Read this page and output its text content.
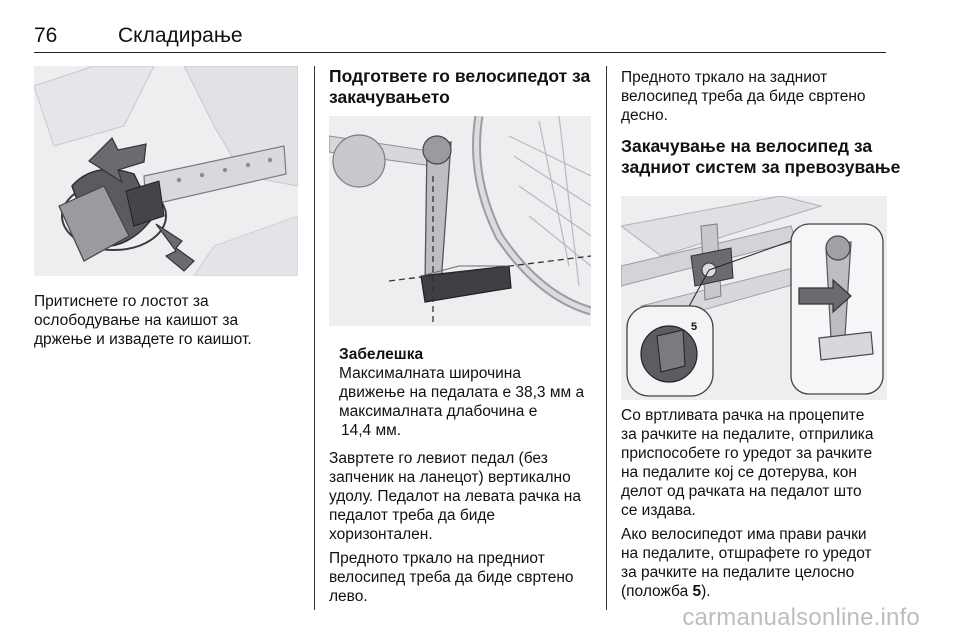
76	Складирање

Притиснете го лостот за

ослободување на каишот за

држење и извадете го каишот.

Подгответе го велосипедот за

закачувањето

Забелешка

Максималната широчина

движење на педалата е 38,3 мм а

максималната длабочина е

14,4 мм.

Завртете го левиот педал (без

запченик на ланецот) вертикално

удолу. Педалот на левата рачка на

педалот треба да биде

хоризонтален.

Предното тркало на предниот

велосипед треба да биде свртено

лево.

Предното тркало на задниот

велосипед треба да биде свртено

десно.

Закачување на велосипед за

задниот систем за превозување

5

Со вртливата рачка на процепите

за рачките на педалите, отприлика

приспособете го уредот за рачките

на педалите кој се дотерува, кон

делот од рачката на педалот што

се издава.

Ако велосипедот има прави рачки

на педалите, отшрафете го уредот

за рачките на педалите целосно

(положба 5).

carmanualsonline.info
